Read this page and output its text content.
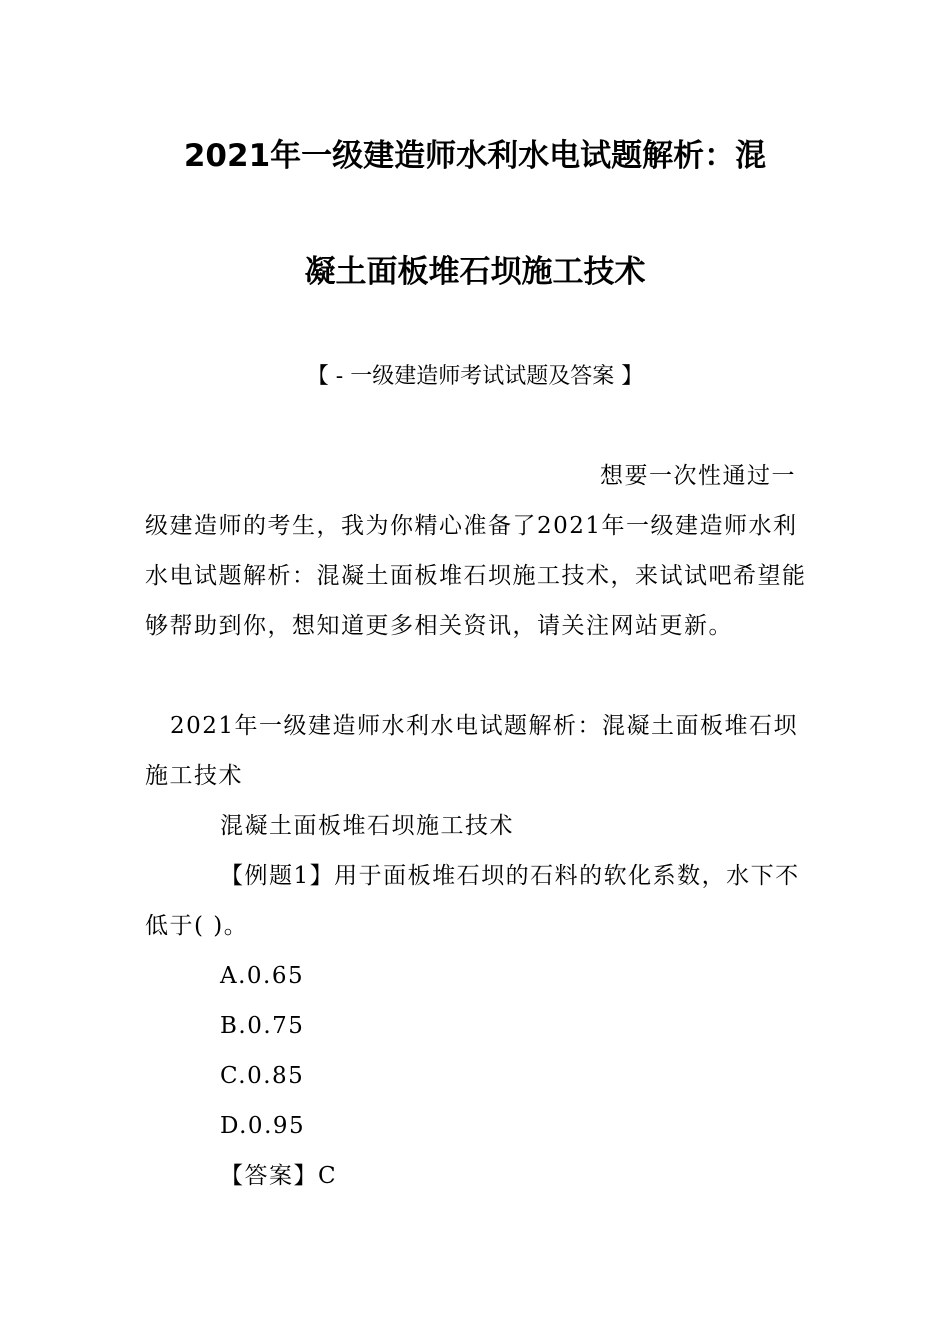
2021年一级建造师水利水电试题解析：混
凝土面板堆石坝施工技术
【 - 一级建造师考试试题及答案 】
想要一次性通过一级建造师的考生，我为你精心准备了2021年一级建造师水利水电试题解析：混凝土面板堆石坝施工技术，来试试吧希望能够帮助到你，想知道更多相关资讯，请关注网站更新。
2021年一级建造师水利水电试题解析：混凝土面板堆石坝施工技术
混凝土面板堆石坝施工技术
【例题1】用于面板堆石坝的石料的软化系数，水下不低于( )。
A.0.65
B.0.75
C.0.85
D.0.95
【答案】C
